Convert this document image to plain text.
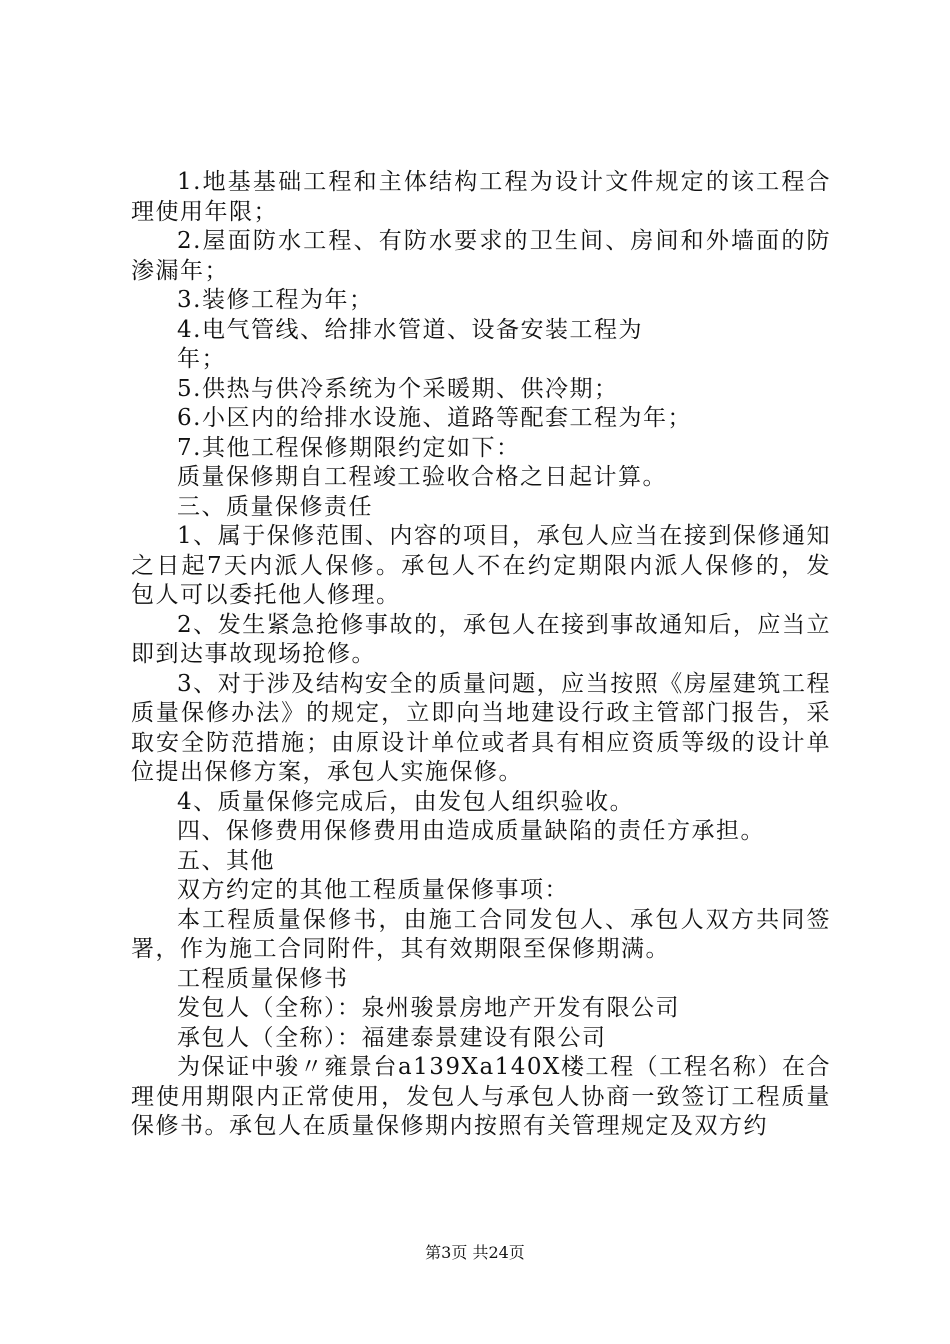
1.地基基础工程和主体结构工程为设计文件规定的该工程合理使用年限；

2.屋面防水工程、有防水要求的卫生间、房间和外墙面的防渗漏年；

3.装修工程为年；

4.电气管线、给排水管道、设备安装工程为

年；

5.供热与供冷系统为个采暖期、供冷期；

6.小区内的给排水设施、道路等配套工程为年；

7.其他工程保修期限约定如下：

质量保修期自工程竣工验收合格之日起计算。

三、质量保修责任

1、属于保修范围、内容的项目，承包人应当在接到保修通知之日起7天内派人保修。承包人不在约定期限内派人保修的，发包人可以委托他人修理。

2、发生紧急抢修事故的，承包人在接到事故通知后，应当立即到达事故现场抢修。

3、对于涉及结构安全的质量问题，应当按照《房屋建筑工程质量保修办法》的规定，立即向当地建设行政主管部门报告，采取安全防范措施；由原设计单位或者具有相应资质等级的设计单位提出保修方案，承包人实施保修。

4、质量保修完成后，由发包人组织验收。

四、保修费用保修费用由造成质量缺陷的责任方承担。

五、其他

双方约定的其他工程质量保修事项：

本工程质量保修书，由施工合同发包人、承包人双方共同签署，作为施工合同附件，其有效期限至保修期满。

工程质量保修书

发包人（全称）：泉州骏景房地产开发有限公司

承包人（全称）：福建泰景建设有限公司

为保证中骏〃雍景台a139Xa140X楼工程（工程名称）在合理使用期限内正常使用，发包人与承包人协商一致签订工程质量保修书。承包人在质量保修期内按照有关管理规定及双方约

第3页 共24页
